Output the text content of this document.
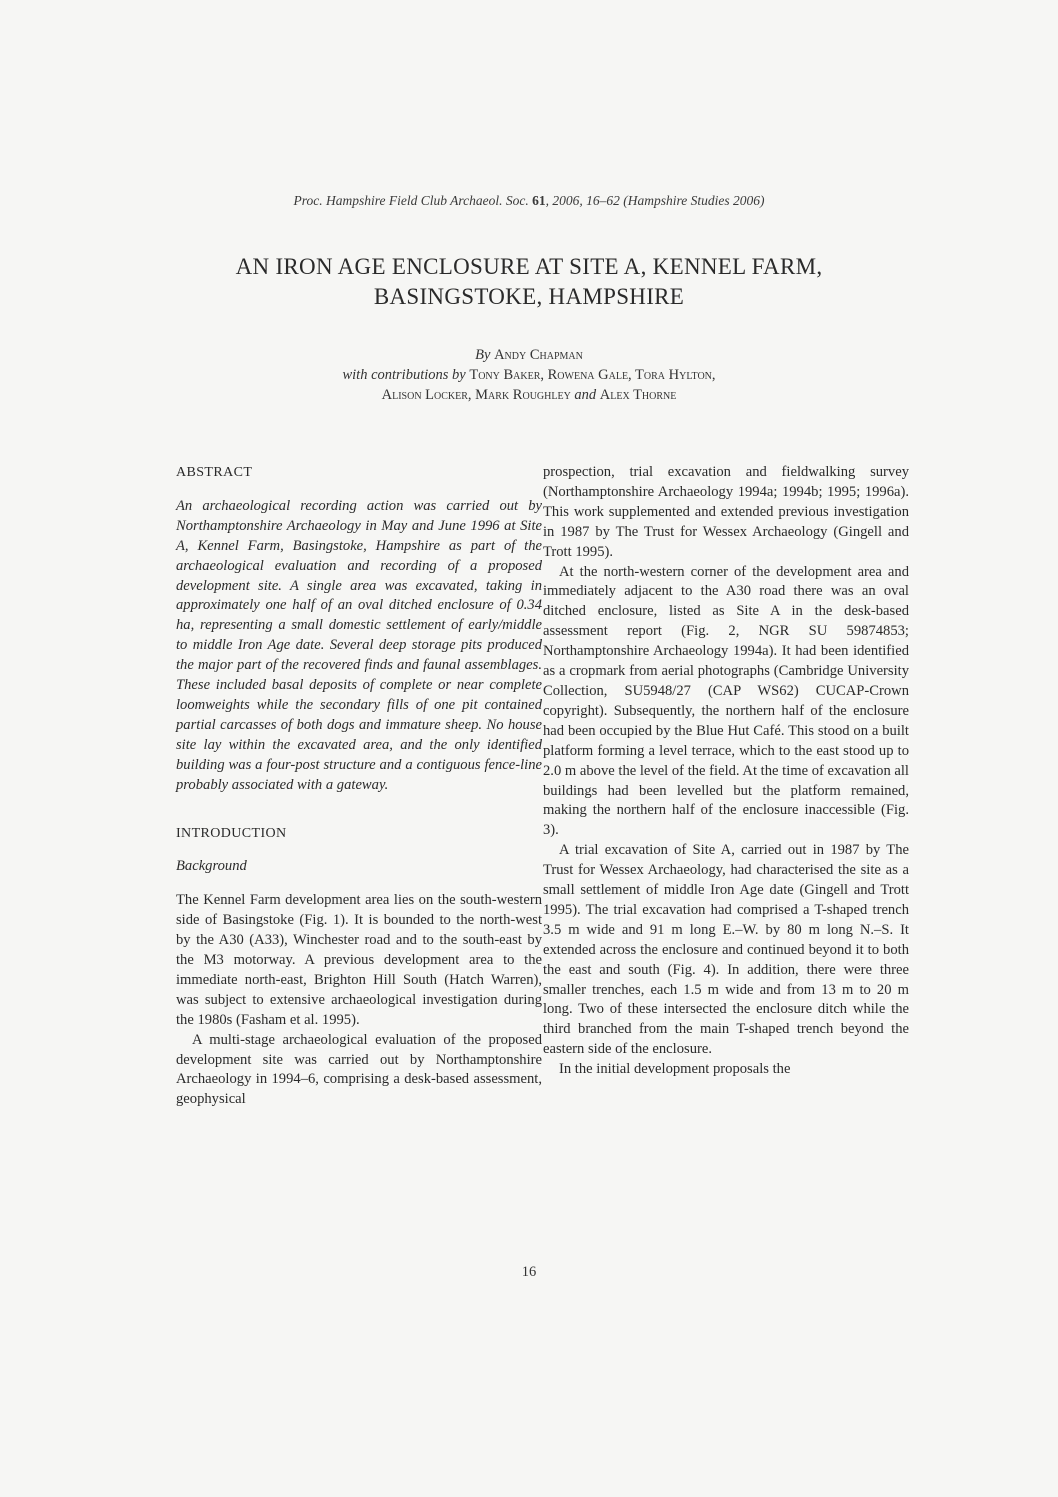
Proc. Hampshire Field Club Archaeol. Soc. 61, 2006, 16–62 (Hampshire Studies 2006)
AN IRON AGE ENCLOSURE AT SITE A, KENNEL FARM,
BASINGSTOKE, HAMPSHIRE
By Andy Chapman
with contributions by Tony Baker, Rowena Gale, Tora Hylton,
Alison Locker, Mark Roughley and Alex Thorne

ABSTRACT

An archaeological recording action was carried out by Northamptonshire Archaeology in May and June 1996 at Site A, Kennel Farm, Basingstoke, Hampshire as part of the archaeological evaluation and recording of a proposed development site. A single area was excavated, taking in approximately one half of an oval ditched enclosure of 0.34 ha, representing a small domestic settlement of early/middle to middle Iron Age date. Several deep storage pits produced the major part of the recovered finds and faunal assemblages. These included basal deposits of complete or near complete loomweights while the secondary fills of one pit contained partial carcasses of both dogs and immature sheep. No house site lay within the excavated area, and the only identified building was a four-post structure and a contiguous fence-line probably associated with a gateway.

INTRODUCTION

Background

The Kennel Farm development area lies on the south-western side of Basingstoke (Fig. 1). It is bounded to the north-west by the A30 (A33), Winchester road and to the south-east by the M3 motorway. A previous development area to the immediate north-east, Brighton Hill South (Hatch Warren), was subject to extensive archaeological investigation during the 1980s (Fasham et al. 1995).

A multi-stage archaeological evaluation of the proposed development site was carried out by Northamptonshire Archaeology in 1994–6, comprising a desk-based assessment, geophysical

prospection, trial excavation and fieldwalking survey (Northamptonshire Archaeology 1994a; 1994b; 1995; 1996a). This work supplemented and extended previous investigation in 1987 by The Trust for Wessex Archaeology (Gingell and Trott 1995).

At the north-western corner of the development area and immediately adjacent to the A30 road there was an oval ditched enclosure, listed as Site A in the desk-based assessment report (Fig. 2, NGR SU 59874853; Northamptonshire Archaeology 1994a). It had been identified as a cropmark from aerial photographs (Cambridge University Collection, SU5948/27 (CAP WS62) CUCAP-Crown copyright). Subsequently, the northern half of the enclosure had been occupied by the Blue Hut Café. This stood on a built platform forming a level terrace, which to the east stood up to 2.0 m above the level of the field. At the time of excavation all buildings had been levelled but the platform remained, making the northern half of the enclosure inaccessible (Fig. 3).

A trial excavation of Site A, carried out in 1987 by The Trust for Wessex Archaeology, had characterised the site as a small settlement of middle Iron Age date (Gingell and Trott 1995). The trial excavation had comprised a T-shaped trench 3.5 m wide and 91 m long E.–W. by 80 m long N.–S. It extended across the enclosure and continued beyond it to both the east and south (Fig. 4). In addition, there were three smaller trenches, each 1.5 m wide and from 13 m to 20 m long. Two of these intersected the enclosure ditch while the third branched from the main T-shaped trench beyond the eastern side of the enclosure.

In the initial development proposals the

16
